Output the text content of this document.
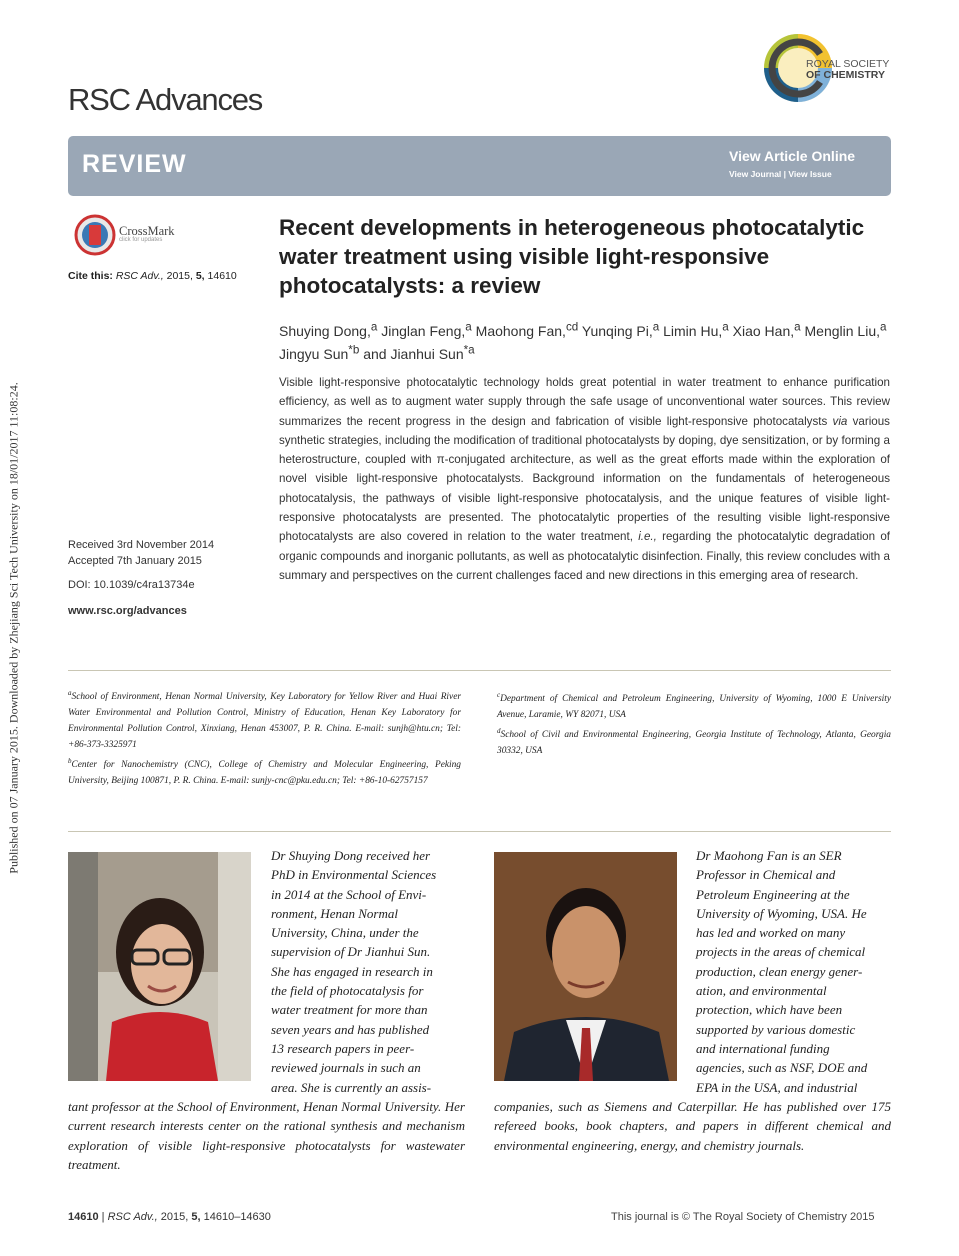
Published on 07 January 2015. Downloaded by Zhejiang Sci Tech University on 18/01/2017 11:08:24.
RSC Advances
ROYAL SOCIETY
OF CHEMISTRY
REVIEW	View Article Online
View Journal | View Issue
CrossMark
click for updates
Cite this: RSC Adv., 2015, 5, 14610
Received 3rd November 2014
Accepted 7th January 2015
DOI: 10.1039/c4ra13734e
www.rsc.org/advances
Recent developments in heterogeneous photocatalytic water treatment using visible light-responsive photocatalysts: a review
Shuying Dong,$^a$ Jinglan Feng,$^a$ Maohong Fan,$^{cd}$ Yunqing Pi,$^a$ Limin Hu,$^a$ Xiao Han,$^a$ Menglin Liu,$^a$ Jingyu Sun$^{*b}$ and Jianhui Sun$^{*a}$

Visible light-responsive photocatalytic technology holds great potential in water treatment to enhance purification efficiency, as well as to augment water supply through the safe usage of unconventional water sources. This review summarizes the recent progress in the design and fabrication of visible light-responsive photocatalysts via various synthetic strategies, including the modification of traditional photocatalysts by doping, dye sensitization, or by forming a heterostructure, coupled with π-conjugated architecture, as well as the great efforts made within the exploration of novel visible light-responsive photocatalysts. Background information on the fundamentals of heterogeneous photocatalysis, the pathways of visible light-responsive photocatalysis, and the unique features of visible light-responsive photocatalysts are presented. The photocatalytic properties of the resulting visible light-responsive photocatalysts are also covered in relation to the water treatment, i.e., regarding the photocatalytic degradation of organic compounds and inorganic pollutants, as well as photocatalytic disinfection. Finally, this review concludes with a summary and perspectives on the current challenges faced and new directions in this emerging area of research.

$^a$School of Environment, Henan Normal University, Key Laboratory for Yellow River and Huai River Water Environmental and Pollution Control, Ministry of Education, Henan Key Laboratory for Environmental Pollution Control, Xinxiang, Henan 453007, P. R. China. E-mail: sunjh@htu.cn; Tel: +86-373-3325971

$^b$Center for Nanochemistry (CNC), College of Chemistry and Molecular Engineering, Peking University, Beijing 100871, P. R. China. E-mail: sunjy-cnc@pku.edu.cn; Tel: +86-10-62757157

$^c$Department of Chemical and Petroleum Engineering, University of Wyoming, 1000 E University Avenue, Laramie, WY 82071, USA

$^d$School of Civil and Environmental Engineering, Georgia Institute of Technology, Atlanta, Georgia 30332, USA

Dr Shuying Dong received her
PhD in Environmental Sciences
in 2014 at the School of Envi-
ronment, Henan Normal
University, China, under the
supervision of Dr Jianhui Sun.
She has engaged in research in
the field of photocatalysis for
water treatment for more than
seven years and has published
13 research papers in peer-
reviewed journals in such an
area. She is currently an assis-

tant professor at the School of Environment, Henan Normal University. Her current research interests center on the rational synthesis and mechanism exploration of visible light-responsive photocatalysts for wastewater treatment.

Dr Maohong Fan is an SER
Professor in Chemical and
Petroleum Engineering at the
University of Wyoming, USA. He
has led and worked on many
projects in the areas of chemical
production, clean energy gener-
ation, and environmental
protection, which have been
supported by various domestic
and international funding
agencies, such as NSF, DOE and
EPA in the USA, and industrial

companies, such as Siemens and Caterpillar. He has published over 175 refereed books, book chapters, and papers in different chemical and environmental engineering, energy, and chemistry journals.

14610 | RSC Adv., 2015, 5, 14610–14630	This journal is © The Royal Society of Chemistry 2015
